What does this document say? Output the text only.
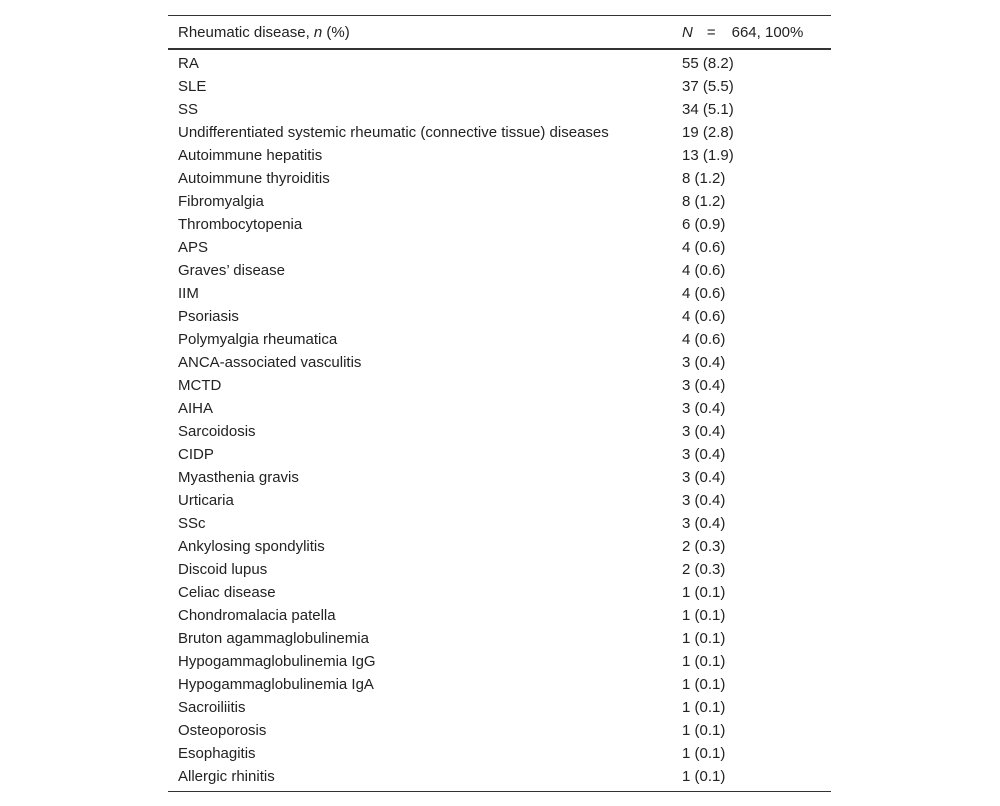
Rheumatic disease, n (%)	N = 664, 100%
RA	55 (8.2)
SLE	37 (5.5)
SS	34 (5.1)
Undifferentiated systemic rheumatic (connective tissue) diseases	19 (2.8)
Autoimmune hepatitis	13 (1.9)
Autoimmune thyroiditis	8 (1.2)
Fibromyalgia	8 (1.2)
Thrombocytopenia	6 (0.9)
APS	4 (0.6)
Graves’ disease	4 (0.6)
IIM	4 (0.6)
Psoriasis	4 (0.6)
Polymyalgia rheumatica	4 (0.6)
ANCA-associated vasculitis	3 (0.4)
MCTD	3 (0.4)
AIHA	3 (0.4)
Sarcoidosis	3 (0.4)
CIDP	3 (0.4)
Myasthenia gravis	3 (0.4)
Urticaria	3 (0.4)
SSc	3 (0.4)
Ankylosing spondylitis	2 (0.3)
Discoid lupus	2 (0.3)
Celiac disease	1 (0.1)
Chondromalacia patella	1 (0.1)
Bruton agammaglobulinemia	1 (0.1)
Hypogammaglobulinemia IgG	1 (0.1)
Hypogammaglobulinemia IgA	1 (0.1)
Sacroiliitis	1 (0.1)
Osteoporosis	1 (0.1)
Esophagitis	1 (0.1)
Allergic rhinitis	1 (0.1)
